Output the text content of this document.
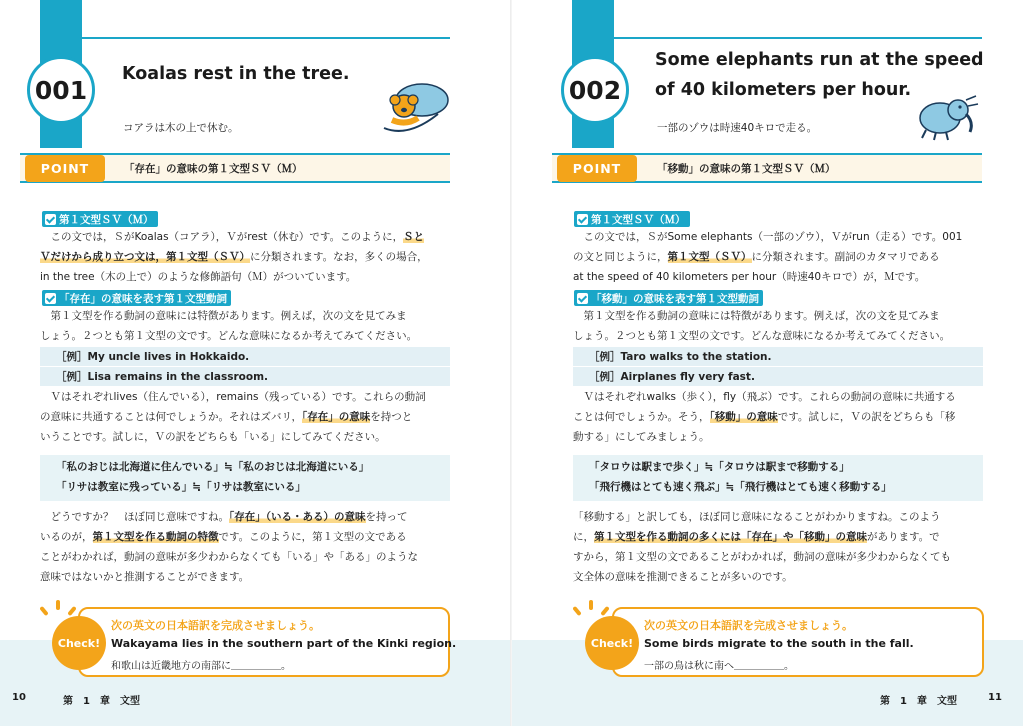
001
Koalas rest in the tree.
コアラは木の上で休む。
POINT	「存在」の意味の第１文型ＳＶ（Ｍ）
第１文型ＳＶ（Ｍ）
　この文では，ＳがKoalas（コアラ），Ｖがrest（休む）です。このように，Ｓと
Ｖだけから成り立つ文は，第１文型（ＳＶ）に分類されます。なお，多くの場合，
in the tree（木の上で）のような修飾語句（Ｍ）がついています。
「存在」の意味を表す第１文型動詞
　第１文型を作る動詞の意味には特徴があります。例えば，次の文を見てみま
しょう。２つとも第１文型の文です。どんな意味になるか考えてみてください。
［例］My uncle lives in Hokkaido.
［例］Lisa remains in the classroom.
　Ｖはそれぞれlives（住んでいる），remains（残っている）です。これらの動詞
の意味に共通することは何でしょうか。それはズバリ，「存在」の意味を持つと
いうことです。試しに，Ｖの訳をどちらも「いる」にしてみてください。
「私のおじは北海道に住んでいる」≒「私のおじは北海道にいる」
「リサは教室に残っている」≒「リサは教室にいる」
　どうですか？　ほぼ同じ意味ですね。「存在」（いる・ある）の意味を持って
いるのが，第１文型を作る動詞の特徴です。このように，第１文型の文である
ことがわかれば，動詞の意味が多少わからなくても「いる」や「ある」のような
意味ではないかと推測することができます。
Check!
次の英文の日本語訳を完成させましょう。
Wakayama lies in the southern part of the Kinki region.
和歌山は近畿地方の南部に＿＿＿＿＿。
10	第　1　章　文型
002
Some elephants run at the speed
of 40 kilometers per hour.
一部のゾウは時速40キロで走る。
POINT	「移動」の意味の第１文型ＳＶ（Ｍ）
第１文型ＳＶ（Ｍ）
　この文では，ＳがSome elephants（一部のゾウ），Ｖがrun（走る）です。001
の文と同じように，第１文型（ＳＶ）に分類されます。副詞のカタマリである
at the speed of 40 kilometers per hour（時速40キロで）が，Ｍです。
「移動」の意味を表す第１文型動詞
　第１文型を作る動詞の意味には特徴があります。例えば，次の文を見てみま
しょう。２つとも第１文型の文です。どんな意味になるか考えてみてください。
［例］Taro walks to the station.
［例］Airplanes fly very fast.
　Ｖはそれぞれwalks（歩く），fly（飛ぶ）です。これらの動詞の意味に共通する
ことは何でしょうか。そう，「移動」の意味です。試しに，Ｖの訳をどちらも「移
動する」にしてみましょう。
「タロウは駅まで歩く」≒「タロウは駅まで移動する」
「飛行機はとても速く飛ぶ」≒「飛行機はとても速く移動する」
「移動する」と訳しても，ほぼ同じ意味になることがわかりますね。このよう
に，第１文型を作る動詞の多くには「存在」や「移動」の意味があります。で
すから，第１文型の文であることがわかれば，動詞の意味が多少わからなくても
文全体の意味を推測できることが多いのです。
Check!
次の英文の日本語訳を完成させましょう。
Some birds migrate to the south in the fall.
一部の鳥は秋に南へ＿＿＿＿＿。
第　1　章　文型	11
